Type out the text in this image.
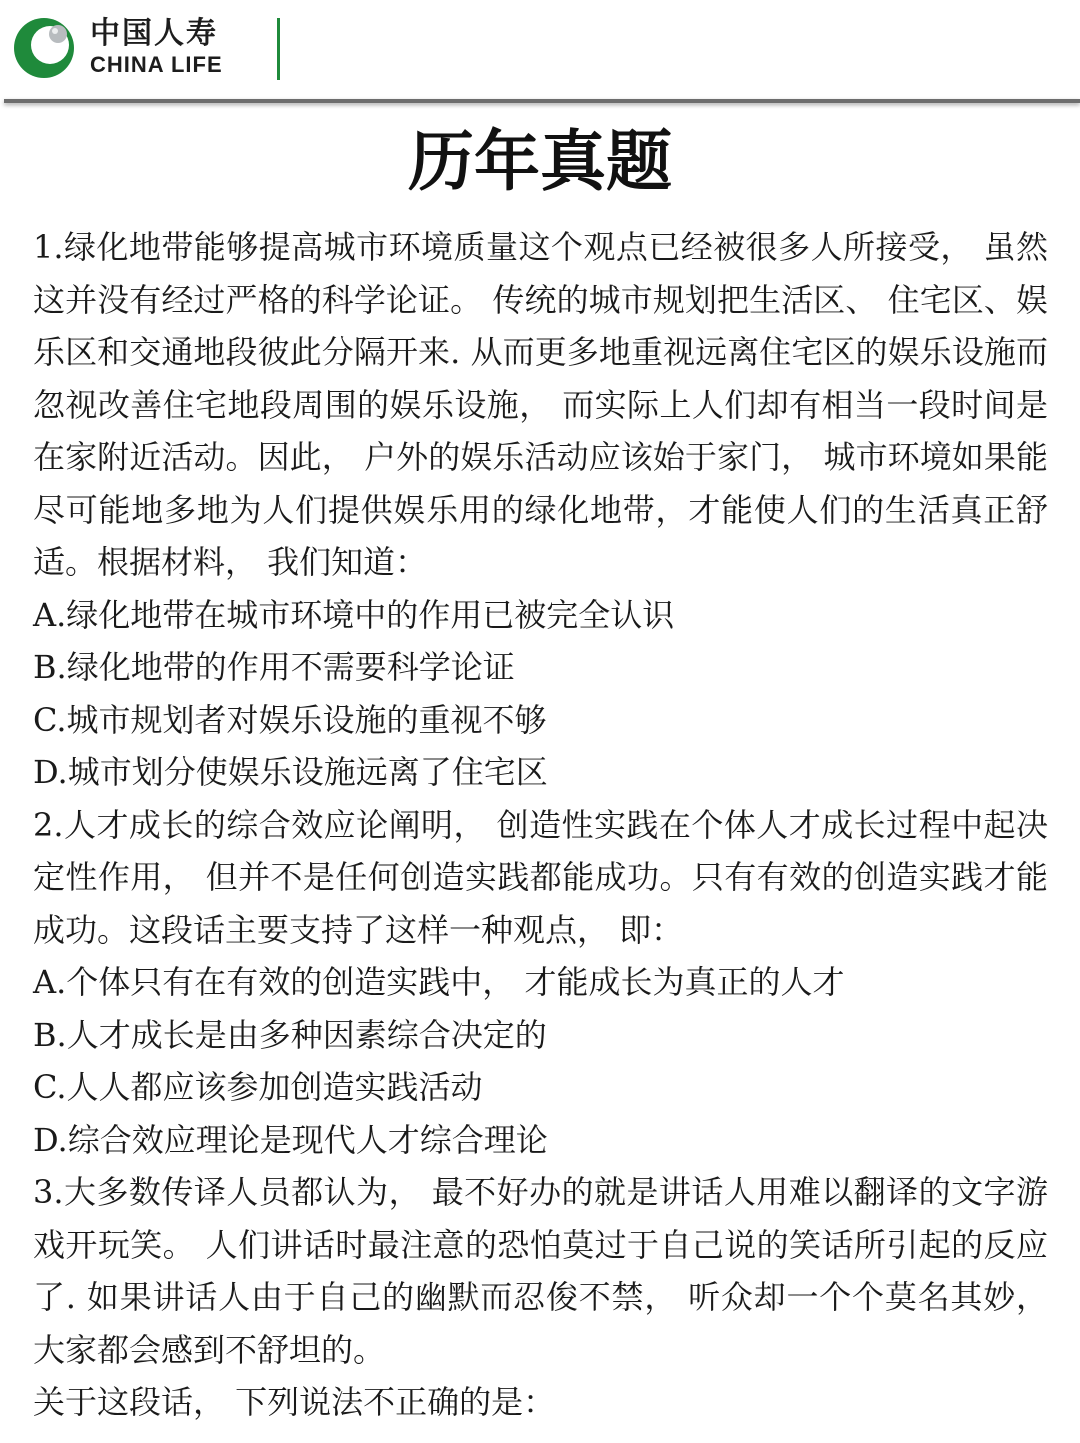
中国人寿
CHINA LIFE
历年真题

1.绿化地带能够提高城市环境质量这个观点已经被很多人所接受， 虽然这并没有经过严格的科学论证。 传统的城市规划把生活区、 住宅区、娱乐区和交通地段彼此分隔开来. 从而更多地重视远离住宅区的娱乐设施而忽视改善住宅地段周围的娱乐设施， 而实际上人们却有相当一段时间是在家附近活动。因此， 户外的娱乐活动应该始于家门， 城市环境如果能尽可能地多地为人们提供娱乐用的绿化地带，才能使人们的生活真正舒适。根据材料， 我们知道：

A.绿化地带在城市环境中的作用已被完全认识

B.绿化地带的作用不需要科学论证

C.城市规划者对娱乐设施的重视不够

D.城市划分使娱乐设施远离了住宅区

2.人才成长的综合效应论阐明， 创造性实践在个体人才成长过程中起决定性作用， 但并不是任何创造实践都能成功。只有有效的创造实践才能成功。这段话主要支持了这样一种观点， 即：

A.个体只有在有效的创造实践中， 才能成长为真正的人才

B.人才成长是由多种因素综合决定的

C.人人都应该参加创造实践活动

D.综合效应理论是现代人才综合理论

3.大多数传译人员都认为， 最不好办的就是讲话人用难以翻译的文字游戏开玩笑。 人们讲话时最注意的恐怕莫过于自己说的笑话所引起的反应了. 如果讲话人由于自己的幽默而忍俊不禁， 听众却一个个莫名其妙，大家都会感到不舒坦的。

关于这段话， 下列说法不正确的是：
